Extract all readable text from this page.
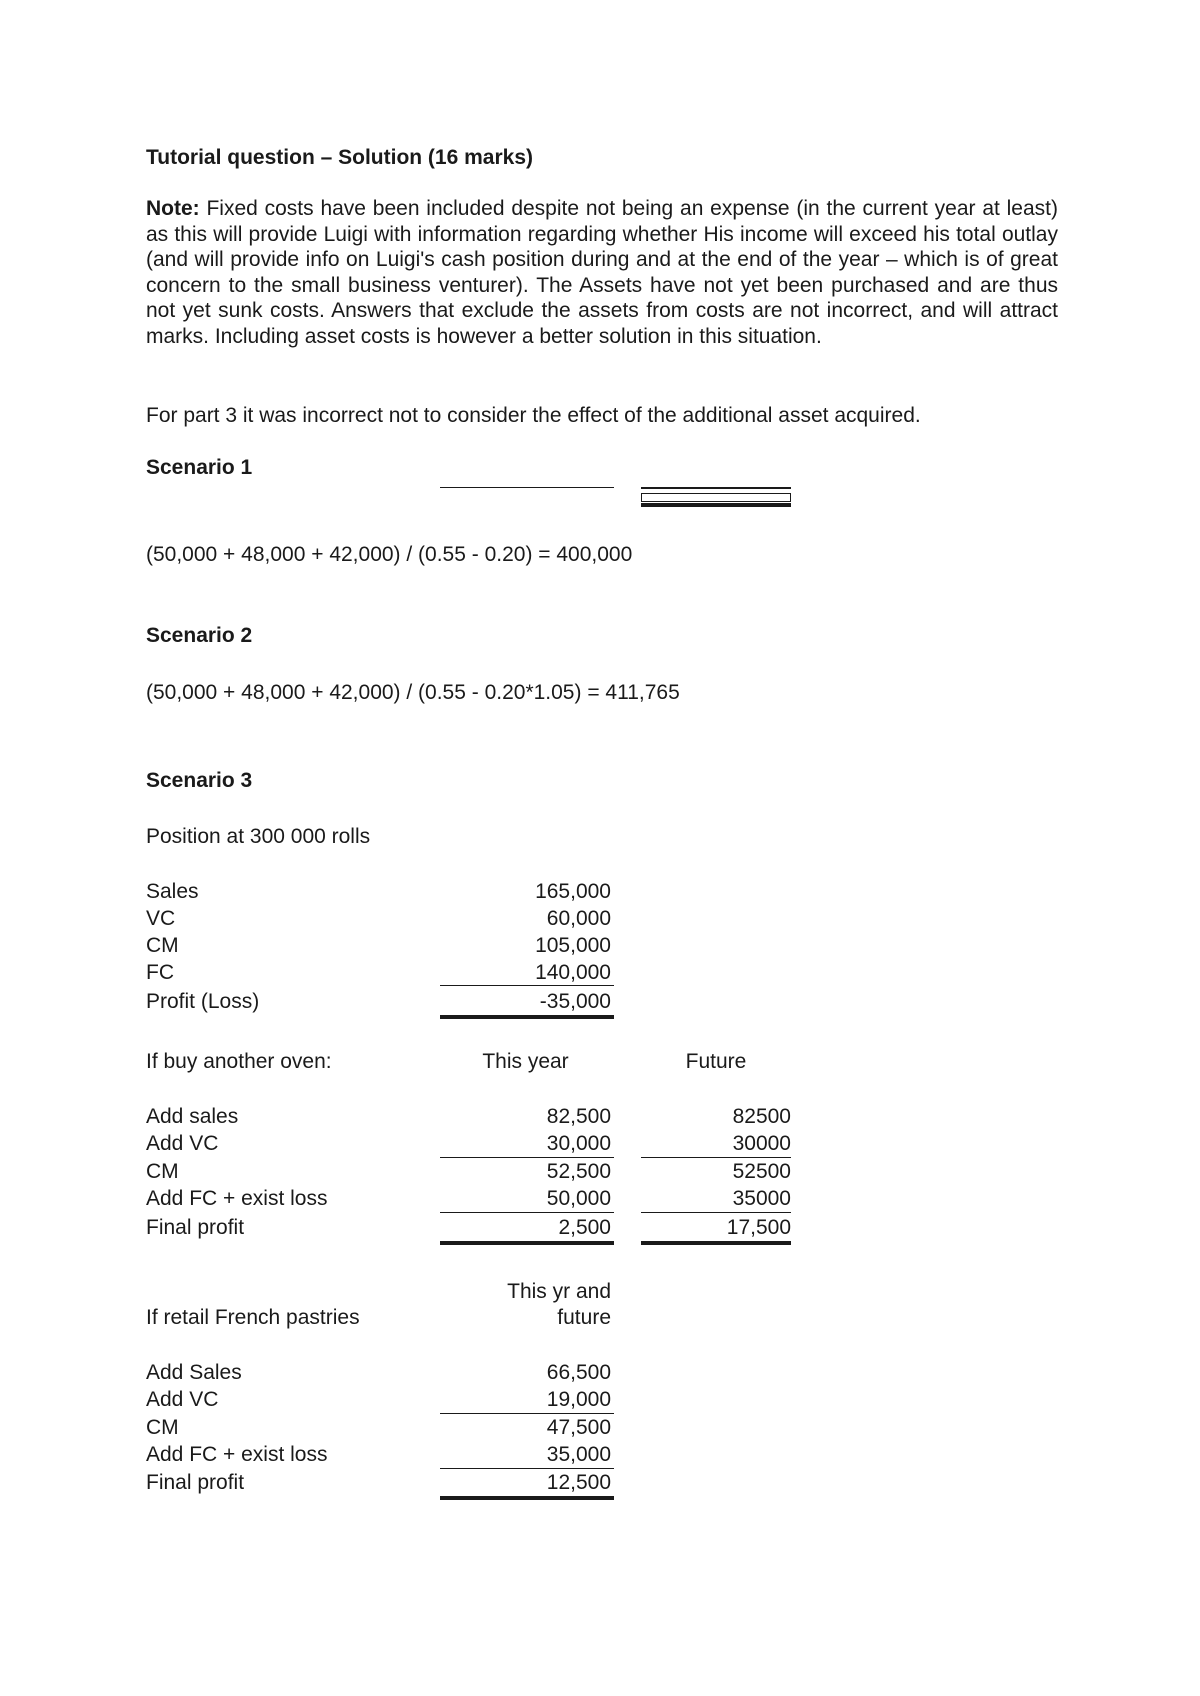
Tutorial question – Solution (16 marks)
Note: Fixed costs have been included despite not being an expense (in the current year at least) as this will provide Luigi with information regarding whether His income will exceed his total outlay (and will provide info on Luigi's cash position during and at the end of the year – which is of great concern to the small business venturer). The Assets have not yet been purchased and are thus not yet sunk costs. Answers that exclude the assets from costs are not incorrect, and will attract marks. Including asset costs is however a better solution in this situation.
For part 3 it was incorrect not to consider the effect of the additional asset acquired.
Scenario 1
(50,000 + 48,000 + 42,000) / (0.55 - 0.20) = 400,000
Scenario 2
(50,000 + 48,000 + 42,000) / (0.55 - 0.20*1.05) = 411,765
Scenario 3
Position at 300 000 rolls
Sales	165,000
VC	60,000
CM	105,000
FC	140,000
Profit (Loss)	-35,000
If buy another oven:	This year	Future
Add sales	82,500	82500
Add VC	30,000	30000
CM	52,500	52500
Add FC + exist loss	50,000	35000
Final profit	2,500	17,500
This yr and
future
If retail French pastries
Add Sales	66,500
Add VC	19,000
CM	47,500
Add FC + exist loss	35,000
Final profit	12,500
